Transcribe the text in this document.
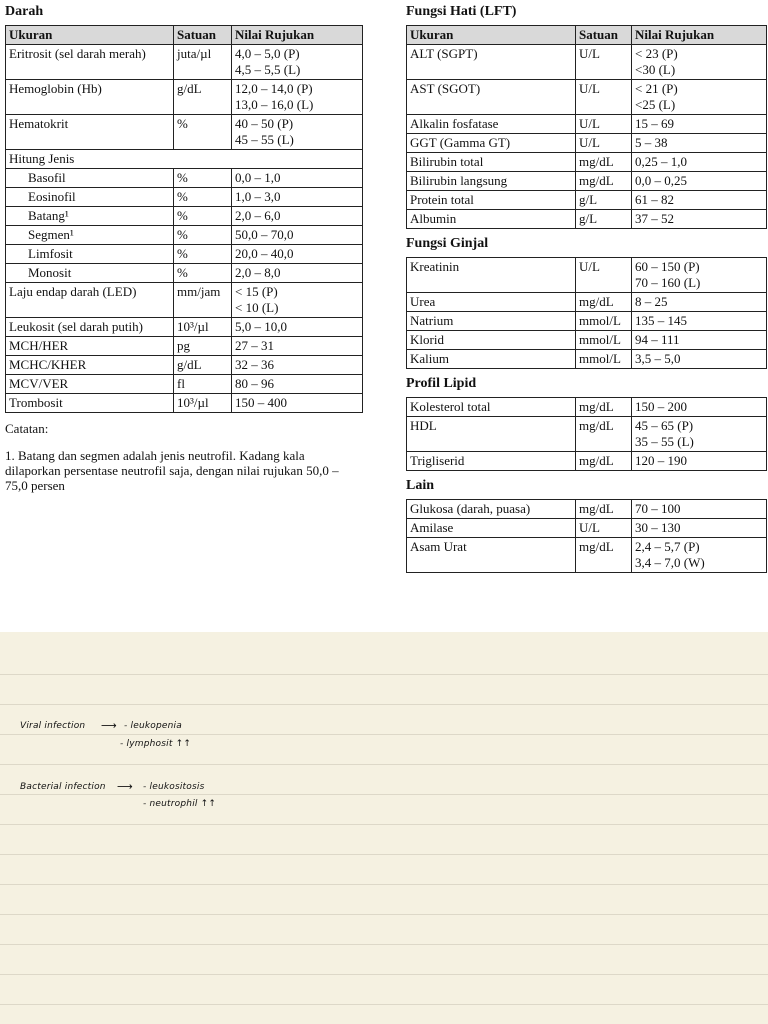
Darah
Ukuran	Satuan	Nilai Rujukan
Eritrosit (sel darah merah)	juta/µl	4,0 – 5,0 (P)
4,5 – 5,5 (L)

Hemoglobin (Hb)	g/dL	12,0 – 14,0 (P)
13,0 – 16,0 (L)

Hematokrit	%	40 – 50 (P)
45 – 55 (L)

Hitung Jenis		
Basofil	%	0,0 – 1,0

Eosinofil	%	1,0 – 3,0

Batang¹	%	2,0 – 6,0

Segmen¹	%	50,0 – 70,0

Limfosit	%	20,0 – 40,0

Monosit	%	2,0 – 8,0

Laju endap darah (LED)	mm/jam	< 15 (P)
< 10 (L)

Leukosit (sel darah putih)	10³/µl	5,0 – 10,0

MCH/HER	pg	27 – 31

MCHC/KHER	g/dL	32 – 36

MCV/VER	fl	80 – 96

Trombosit	10³/µl	150 – 400

Catatan:

1. Batang dan segmen adalah jenis neutrofil. Kadang kala dilaporkan persentase neutrofil saja, dengan nilai rujukan 50,0 – 75,0 persen

Fungsi Hati (LFT)
Ukuran	Satuan	Nilai Rujukan
ALT (SGPT)	U/L	< 23 (P)
<30 (L)

AST (SGOT)	U/L	< 21 (P)
<25 (L)

Alkalin fosfatase	U/L	15 – 69

GGT (Gamma GT)	U/L	5 – 38

Bilirubin total	mg/dL	0,25 – 1,0

Bilirubin langsung	mg/dL	0,0 – 0,25

Protein total	g/L	61 – 82

Albumin	g/L	37 – 52
Fungsi Ginjal
Kreatinin	U/L	60 – 150 (P)
70 – 160 (L)

Urea	mg/dL	8 – 25

Natrium	mmol/L	135 – 145

Klorid	mmol/L	94 – 111

Kalium	mmol/L	3,5 – 5,0
Profil Lipid
Kolesterol total	mg/dL	150 – 200

HDL	mg/dL	45 – 65 (P)
35 – 55 (L)

Trigliserid	mg/dL	120 – 190
Lain
Glukosa (darah, puasa)	mg/dL	70 – 100

Amilase	U/L	30 – 130

Asam Urat	mg/dL	2,4 – 5,7 (P)
3,4 – 7,0 (W)
Viral infection ⟶ - leukopenia
- lymphosit ↑↑
Bacterial infection ⟶ - leukositosis
- neutrophil ↑↑
